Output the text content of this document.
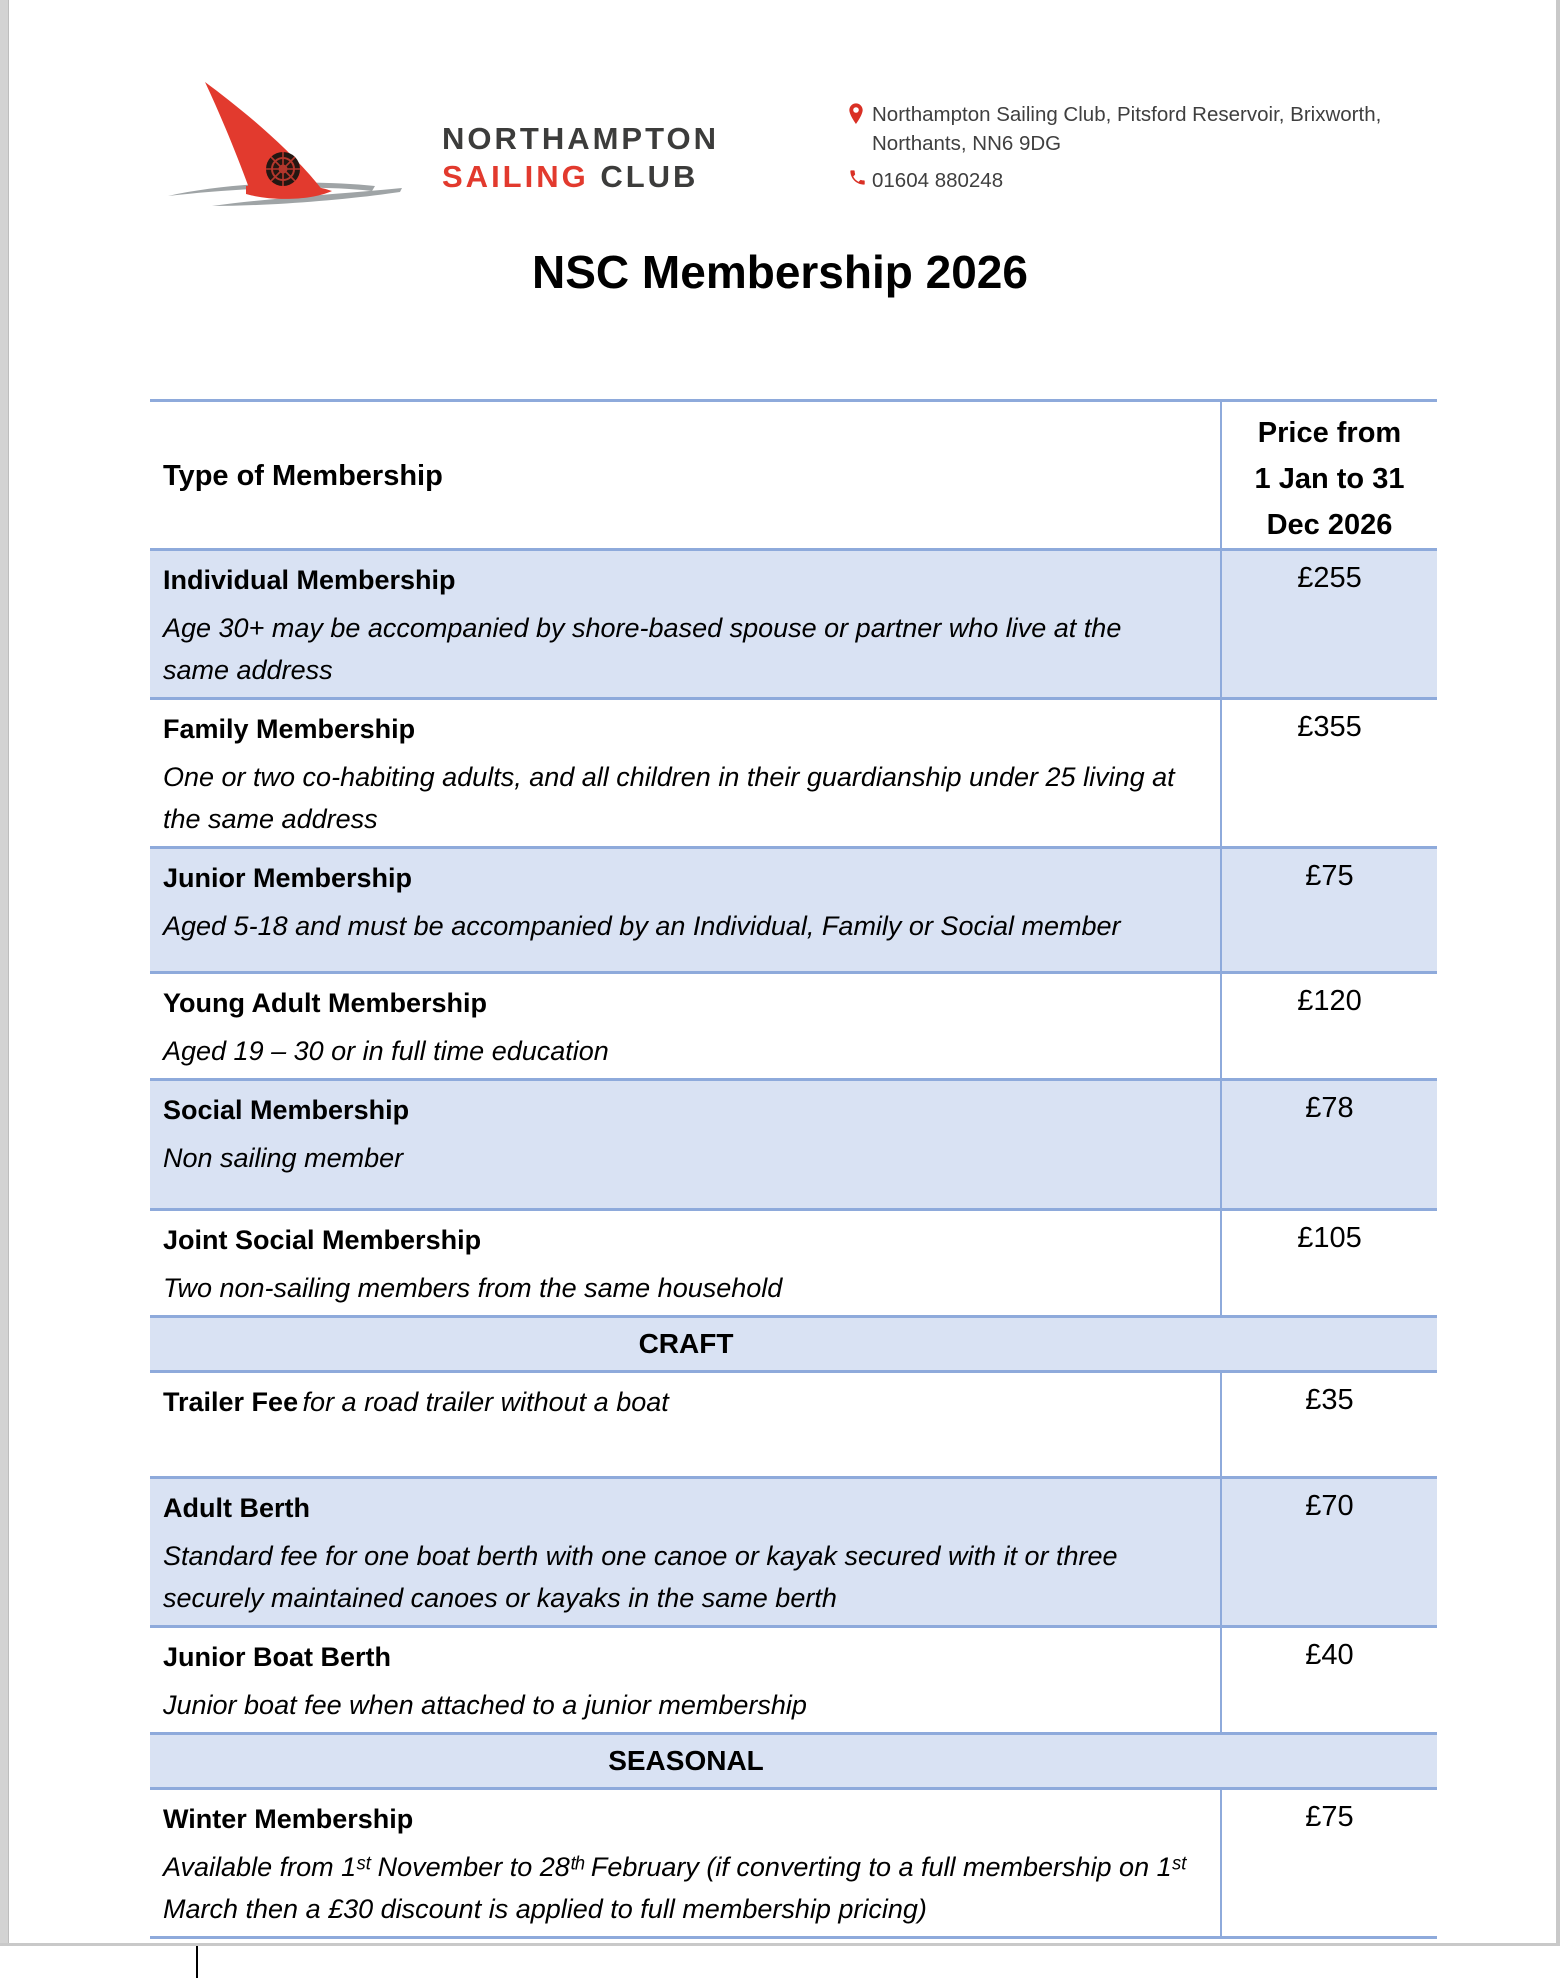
NORTHAMPTON
SAILING CLUB
Northampton Sailing Club, Pitsford Reservoir, Brixworth, Northants, NN6 9DG
01604 880248
NSC Membership 2026
Type of Membership
Price from
1 Jan to 31
Dec 2026

Individual Membership

Age 30+ may be accompanied by shore-based spouse or partner who live at the same address

£255

Family Membership

One or two co-habiting adults, and all children in their guardianship under 25 living at the same address

£355

Junior Membership

Aged 5-18 and must be accompanied by an Individual, Family or Social member

£75

Young Adult Membership

Aged 19 – 30 or in full time education

£120

Social Membership

Non sailing member

£78

Joint Social Membership

Two non-sailing members from the same household

£105
CRAFT

Trailer Fee for a road trailer without a boat	£35

Adult Berth

Standard fee for one boat berth with one canoe or kayak secured with it or three securely maintained canoes or kayaks in the same berth

£70

Junior Boat Berth

Junior boat fee when attached to a junior membership

£40
SEASONAL

Winter Membership

Available from 1ˢᵗ November to 28ᵗʰ February (if converting to a full membership on 1ˢᵗ March then a £30 discount is applied to full membership pricing)

£75
